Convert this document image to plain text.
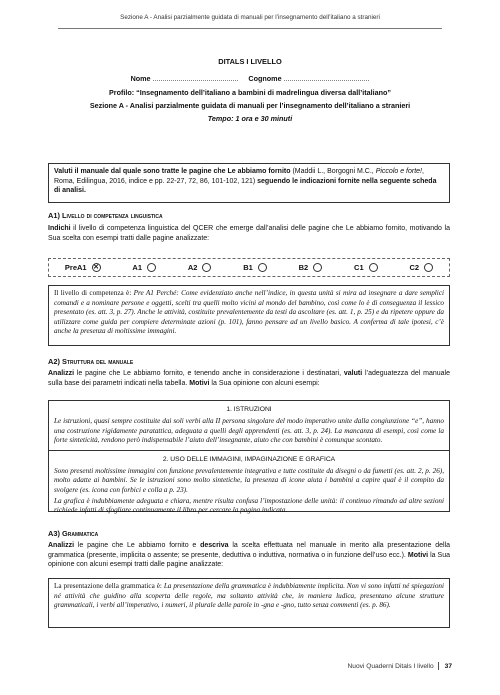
Sezione A - Analisi parzialmente guidata di manuali per l’insegnamento dell’italiano a stranieri
DITALS I LIVELLO
Nome ........................................... Cognome ...........................................
Profilo: “Insegnamento dell’italiano a bambini di madrelingua diversa dall’italiano”
Sezione A - Analisi parzialmente guidata di manuali per l’insegnamento dell’italiano a stranieri
Tempo: 1 ora e 30 minuti
Valuti il manuale dal quale sono tratte le pagine che Le abbiamo fornito (Maddii L., Borgogni M.C., Piccolo e forte!, Roma, Edilingua, 2016, indice e pp. 22-27, 72, 86, 101-102, 121) seguendo le indicazioni fornite nella seguente scheda di analisi.
A1) Livello di competenza linguistica
Indichi il livello di competenza linguistica del QCER che emerge dall’analisi delle pagine che Le abbiamo fornito, motivando la Sua scelta con esempi tratti dalle pagine analizzate:
PreA1 ✕	A1	A2	B1	B2	C1	C2
Il livello di competenza è: Pre A1 Perché: Come evidenziato anche nell’indice, in questa unità si mira ad insegnare a dare semplici comandi e a nominare persone e oggetti, scelti tra quelli molto vicini al mondo del bambino, così come lo è di conseguenza il lessico presentato (es. att. 3, p. 27). Anche le attività, costituite prevalentemente da testi da ascoltare (es. att. 1, p. 25) e da ripetere oppure da utilizzare come guida per compiere determinate azioni (p. 101), fanno pensare ad un livello basico. A conferma di tale ipotesi, c’è anche la presenza di moltissime immagini.
A2) Struttura del manuale
Analizzi le pagine che Le abbiamo fornito, e tenendo anche in considerazione i destinatari, valuti l’adeguatezza del manuale sulla base dei parametri indicati nella tabella. Motivi la Sua opinione con alcuni esempi:
1. ISTRUZIONI
Le istruzioni, quasi sempre costituite dai soli verbi alla II persona singolare del modo imperativo unite dalla congiunzione “e”, hanno una costruzione rigidamente paratattica, adeguata a quelli degli apprendenti (es. att. 3, p. 24). La mancanza di esempi, così come la forte sinteticità, rendono però indispensabile l’aiuto dell’insegnante, aiuto che con bambini è comunque scontato.
2. USO DELLE IMMAGINI, IMPAGINAZIONE E GRAFICA
Sono presenti moltissime immagini con funzione prevalentemente integrativa e tutte costituite da disegni o da fumetti (es. att. 2, p. 26), molto adatte ai bambini. Se le istruzioni sono molto sintetiche, la presenza di icone aiuta i bambini a capire qual è il compito da svolgere (es. icona con forbici e colla a p. 23).
La grafica è indubbiamente adeguata e chiara, mentre risulta confusa l’impostazione delle unità: il continuo rimando ad altre sezioni richiede infatti di sfogliare continuamente il libro per cercare la pagina indicata.
A3) Grammatica
Analizzi le pagine che Le abbiamo fornito e descriva la scelta effettuata nel manuale in merito alla presentazione della grammatica (presente, implicita o assente; se presente, deduttiva o induttiva, normativa o in funzione dell’uso ecc.). Motivi la Sua opinione con alcuni esempi tratti dalle pagine analizzate:
La presentazione della grammatica è: La presentazione della grammatica è indubbiamente implicita. Non vi sono infatti né spiegazioni né attività che guidino alla scoperta delle regole, ma soltanto attività che, in maniera ludica, presentano alcune strutture grammaticali, i verbi all’imperativo, i numeri, il plurale delle parole in -gna e -gno, tutto senza commenti (es. p. 86).
Nuovi Quaderni Ditals I livello 37
